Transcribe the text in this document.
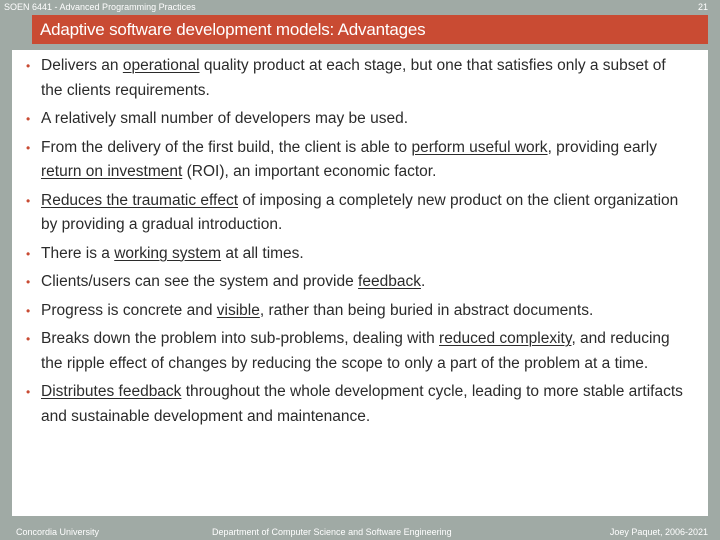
SOEN 6441 - Advanced Programming Practices	21
Adaptive software development models: Advantages
• Delivers an operational quality product at each stage, but one that satisfies only a subset of the clients requirements.
• A relatively small number of developers may be used.
• From the delivery of the first build, the client is able to perform useful work, providing early return on investment (ROI), an important economic factor.
• Reduces the traumatic effect of imposing a completely new product on the client organization by providing a gradual introduction.
• There is a working system at all times.
• Clients/users can see the system and provide feedback.
• Progress is concrete and visible, rather than being buried in abstract documents.
• Breaks down the problem into sub-problems, dealing with reduced complexity, and reducing the ripple effect of changes by reducing the scope to only a part of the problem at a time.
• Distributes feedback throughout the whole development cycle, leading to more stable artifacts and sustainable development and maintenance.
Concordia University	Department of Computer Science and Software Engineering	Joey Paquet, 2006-2021
